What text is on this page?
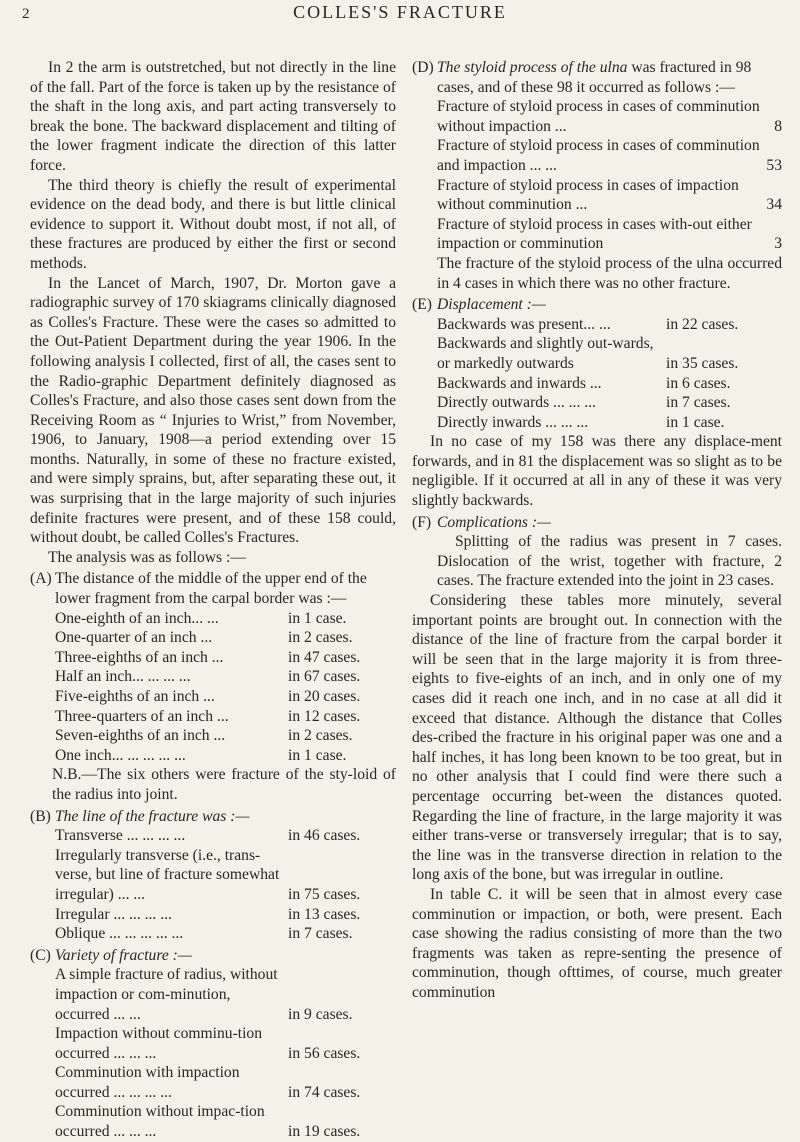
2	COLLES'S FRACTURE

In 2 the arm is outstretched, but not directly in the line of the fall. Part of the force is taken up by the resistance of the shaft in the long axis, and part acting transversely to break the bone. The backward displacement and tilting of the lower fragment indicate the direction of this latter force.

The third theory is chiefly the result of experimental evidence on the dead body, and there is but little clinical evidence to support it. Without doubt most, if not all, of these fractures are produced by either the first or second methods.

In the Lancet of March, 1907, Dr. Morton gave a radiographic survey of 170 skiagrams clinically diagnosed as Colles's Fracture. These were the cases so admitted to the Out-Patient Department during the year 1906. In the following analysis I collected, first of all, the cases sent to the Radio-graphic Department definitely diagnosed as Colles's Fracture, and also those cases sent down from the Receiving Room as “ Injuries to Wrist,” from November, 1906, to January, 1908—a period extending over 15 months. Naturally, in some of these no fracture existed, and were simply sprains, but, after separating these out, it was surprising that in the large majority of such injuries definite fractures were present, and of these 158 could, without doubt, be called Colles's Fractures.

The analysis was as follows :—

(A) The distance of the middle of the upper end of the lower fragment from the carpal border was :—
One-eighth of an inch... ...	in 1 case.
One-quarter of an inch ...	in 2 cases.
Three-eighths of an inch ...	in 47 cases.
Half an inch... ... ... ...	in 67 cases.
Five-eighths of an inch ...	in 20 cases.
Three-quarters of an inch ...	in 12 cases.
Seven-eighths of an inch ...	in 2 cases.
One inch... ... ... ... ...	in 1 case.

N.B.—The six others were fracture of the sty-loid of the radius into joint.

(B) The line of the fracture was :—
Transverse ... ... ... ...	in 46 cases.
Irregularly transverse (i.e., trans-verse, but line of fracture somewhat irregular) ... ...	in 75 cases.
Irregular ... ... ... ...	in 13 cases.
Oblique ... ... ... ... ...	in 7 cases.
(C) Variety of fracture :—
A simple fracture of radius, without impaction or com-minution, occurred ... ...	in 9 cases.
Impaction without comminu-tion occurred ... ... ...	in 56 cases.
Comminution with impaction occurred ... ... ... ...	in 74 cases.
Comminution without impac-tion occurred ... ... ...	in 19 cases.
(D) The styloid process of the ulna was fractured in 98 cases, and of these 98 it occurred as follows :—
Fracture of styloid process in cases of comminution without impaction ...	8
Fracture of styloid process in cases of comminution and impaction ... ...	53
Fracture of styloid process in cases of impaction without comminution ...	34
Fracture of styloid process in cases with-out either impaction or comminution	3

The fracture of the styloid process of the ulna occurred in 4 cases in which there was no other fracture.

(E) Displacement :—
Backwards was present... ...	in 22 cases.
Backwards and slightly out-wards, or markedly outwards	in 35 cases.
Backwards and inwards ...	in 6 cases.
Directly outwards ... ... ...	in 7 cases.
Directly inwards ... ... ...	in 1 case.

In no case of my 158 was there any displace-ment forwards, and in 81 the displacement was so slight as to be negligible. If it occurred at all in any of these it was very slightly backwards.

(F) Complications :—

Splitting of the radius was present in 7 cases. Dislocation of the wrist, together with fracture, 2 cases. The fracture extended into the joint in 23 cases.

Considering these tables more minutely, several important points are brought out. In connection with the distance of the line of fracture from the carpal border it will be seen that in the large majority it is from three-eights to five-eights of an inch, and in only one of my cases did it reach one inch, and in no case at all did it exceed that distance. Although the distance that Colles des-cribed the fracture in his original paper was one and a half inches, it has long been known to be too great, but in no other analysis that I could find were there such a percentage occurring bet-ween the distances quoted. Regarding the line of fracture, in the large majority it was either trans-verse or transversely irregular; that is to say, the line was in the transverse direction in relation to the long axis of the bone, but was irregular in outline.

In table C. it will be seen that in almost every case comminution or impaction, or both, were present. Each case showing the radius consisting of more than the two fragments was taken as repre-senting the presence of comminution, though ofttimes, of course, much greater comminution
